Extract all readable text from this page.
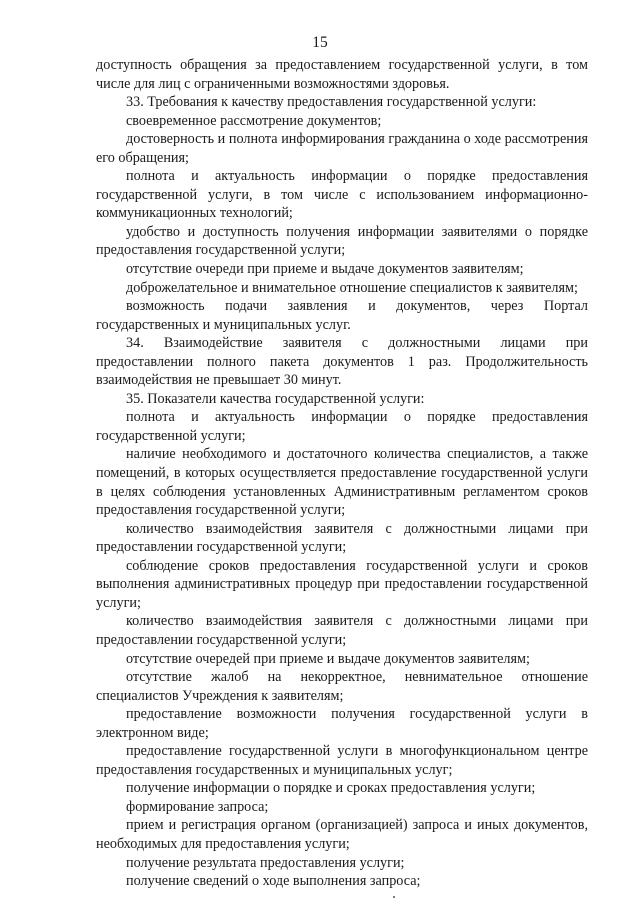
15

доступность обращения за предоставлением государственной услуги, в том числе для лиц с ограниченными возможностями здоровья.

33. Требования к качеству предоставления государственной услуги:

своевременное рассмотрение документов;

достоверность и полнота информирования гражданина о ходе рассмотрения его обращения;

полнота и актуальность информации о порядке предоставления государственной услуги, в том числе с использованием информационно-коммуникационных технологий;

удобство и доступность получения информации заявителями о порядке предоставления государственной услуги;

отсутствие очереди при приеме и выдаче документов заявителям;

доброжелательное и внимательное отношение специалистов к заявителям;

возможность подачи заявления и документов, через Портал государственных и муниципальных услуг.

34. Взаимодействие заявителя с должностными лицами при предоставлении полного пакета документов 1 раз. Продолжительность взаимодействия не превышает 30 минут.

35. Показатели качества государственной услуги:

полнота и актуальность информации о порядке предоставления государственной услуги;

наличие необходимого и достаточного количества специалистов, а также помещений, в которых осуществляется предоставление государственной услуги в целях соблюдения установленных Административным регламентом сроков предоставления государственной услуги;

количество взаимодействия заявителя с должностными лицами при предоставлении государственной услуги;

соблюдение сроков предоставления государственной услуги и сроков выполнения административных процедур при предоставлении государственной услуги;

количество взаимодействия заявителя с должностными лицами при предоставлении государственной услуги;

отсутствие очередей при приеме и выдаче документов заявителям;

отсутствие жалоб на некорректное, невнимательное отношение специалистов Учреждения к заявителям;

предоставление возможности получения государственной услуги в электронном виде;

предоставление государственной услуги в многофункциональном центре предоставления государственных и муниципальных услуг;

получение информации о порядке и сроках предоставления услуги;

формирование запроса;

прием и регистрация органом (организацией) запроса и иных документов, необходимых для предоставления услуги;

получение результата предоставления услуги;

получение сведений о ходе выполнения запроса;
